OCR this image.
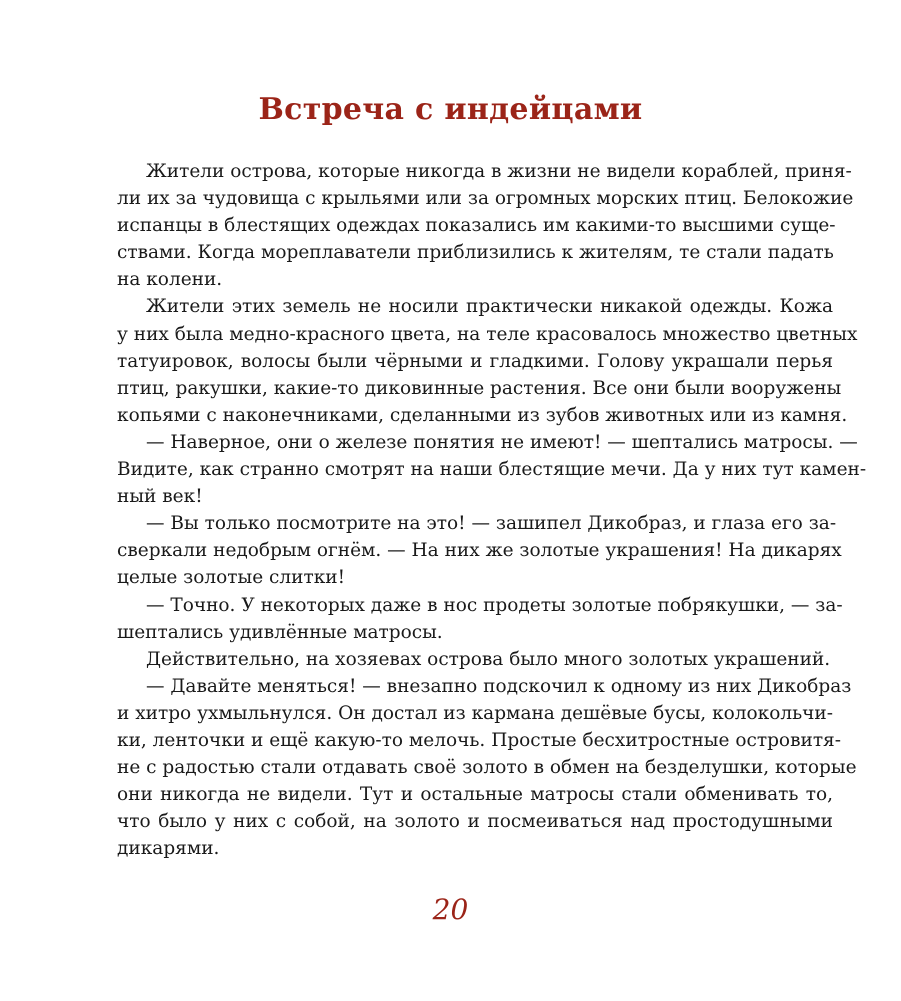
Встреча с индейцами
Жители острова, которые никогда в жизни не видели кораблей, приня-
ли их за чудовища с крыльями или за огромных морских птиц. Белокожие
испанцы в блестящих одеждах показались им какими-то высшими суще-
ствами. Когда мореплаватели приблизились к жителям, те стали падать
на колени.
Жители этих земель не носили практически никакой одежды. Кожа
у них была медно-красного цвета, на теле красовалось множество цветных
татуировок, волосы были чёрными и гладкими. Голову украшали перья
птиц, ракушки, какие-то диковинные растения. Все они были вооружены
копьями с наконечниками, сделанными из зубов животных или из камня.
— Наверное, они о железе понятия не имеют! — шептались матросы. —
Видите, как странно смотрят на наши блестящие мечи. Да у них тут камен-
ный век!
— Вы только посмотрите на это! — зашипел Дикобраз, и глаза его за-
сверкали недобрым огнём. — На них же золотые украшения! На дикарях
целые золотые слитки!
— Точно. У некоторых даже в нос продеты золотые побрякушки, — за-
шептались удивлённые матросы.
Действительно, на хозяевах острова было много золотых украшений.
— Давайте меняться! — внезапно подскочил к одному из них Дикобраз
и хитро ухмыльнулся. Он достал из кармана дешёвые бусы, колокольчи-
ки, ленточки и ещё какую-то мелочь. Простые бесхитростные островитя-
не с радостью стали отдавать своё золото в обмен на безделушки, которые
они никогда не видели. Тут и остальные матросы стали обменивать то,
что было у них с собой, на золото и посмеиваться над простодушными
дикарями.
20
